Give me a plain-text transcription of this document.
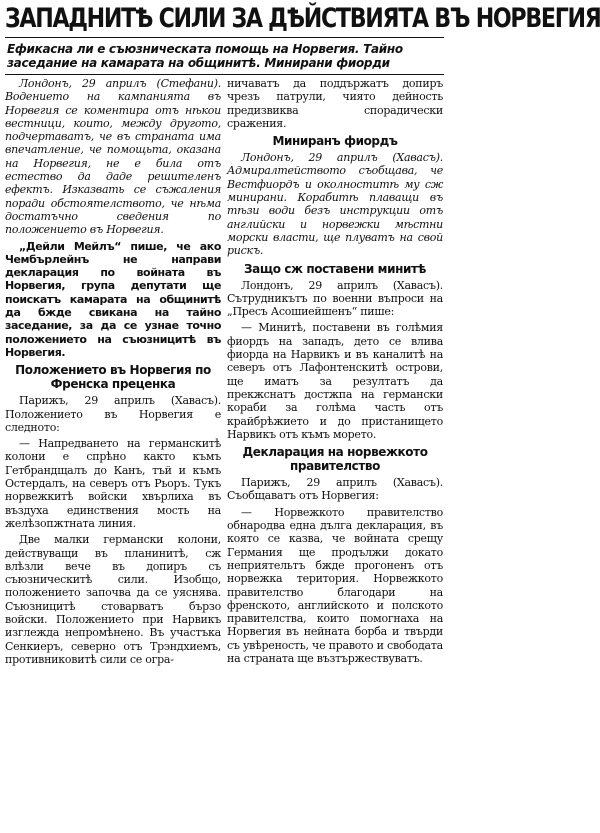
ЗАПАДНИТѢ СИЛИ ЗА ДѢЙСТВИЯТА ВЪ НОРВЕГИЯ
Ефикасна ли е съюзническата помощь на Норвегия. Тайно заседание на камарата на общинитѣ. Минирани фиорди

Лондонъ, 29 априлъ (Стефани). Водението на кампанията въ Норвегия се коментира отъ нѣкои вестници, които, между другото, подчертаватъ, че въ странатa има впечатление, че помощьта, оказана на Норвегия, не е била отъ естество да даде решителенъ ефектъ. Изказвать се съжаления поради обстоятелството, че нѣма достатъчно сведения по положението въ Норвегия.

„Дейли Мейлъ“ пише, че ако Чембърлейнъ не направи декларация по войната въ Норвегия, група депутати ще поискатъ камарата на общинитѣ да бжде свикана на тайно заседание, за да се узнае точно положението на съюзницитѣ въ Норвегия.

Положението въ Норвегия по Френска преценка

Парижъ, 29 априлъ (Хавасъ). Положението въ Норвегия е следното:

— Напредването на германскитѣ колони е спрѣно както къмъ Гетбрандщалъ до Канъ, тъй и къмъ Остердалъ, на северъ отъ Рьоръ. Тукъ норвежкитѣ войски хвърлиха въ въздуха единствения мость на желѣзопжтната линия.

Две малки германски колони, действуващи въ планинитѣ, сж влѣзли вече въ допиръ съ съюзническитѣ сили. Изобщо, положението започва да се уяснява. Съюзницитѣ стоварватъ бързо войски. Положението при Нарвикъ изглежда непромѣнено. Въ участъка Сенкиеръ, северно отъ Трэндхиемъ, противниковитѣ сили се огра-

ничаватъ да поддържатъ допиръ чрезъ патрули, чиято дейность предизвиква спорадически сражения.

Миниранъ фиордъ

Лондонъ, 29 априлъ (Хавасъ). Адмиралтейството съобщава, че Вестфиордъ и околноститѣ му сж минирани. Корабитѣ плаващи въ тѣзи води безъ инструкции отъ английски и норвежки мѣстни морски власти, ще плуватъ на свой рискъ.

Защо сж поставени минитѣ

Лондонъ, 29 априлъ (Хавасъ). Сътрудникътъ по военни въпроси на „Пресъ Асошиейшенъ“ пише:

— Минитѣ, поставени въ голѣмия фиордъ на западъ, дето се влива фиорда на Нарвикъ и въ каналитѣ на северъ отъ Лафонтенскитѣ острови, ще иматъ за резултатъ да прекжснатъ достжпа на германски кораби за голѣма часть отъ крайбрѣжието и до пристанището Нарвикъ отъ къмъ морето.

Декларация на норвежкото правителство

Парижъ, 29 априлъ (Хавасъ). Съобщаватъ отъ Норвегия:

— Норвежкото правителство обнародва една дълга декларация, въ която се казва, че войната срещу Германия ще продължи докато неприятельтъ бжде прогоненъ отъ норвежка територия. Норвежкото правителство благодари на френското, английското и полското правителства, които помогнаха на Норвегия въ нейната борба и твърди съ увѣреность, че правото и свободата на страната ще възтържествуватъ.
